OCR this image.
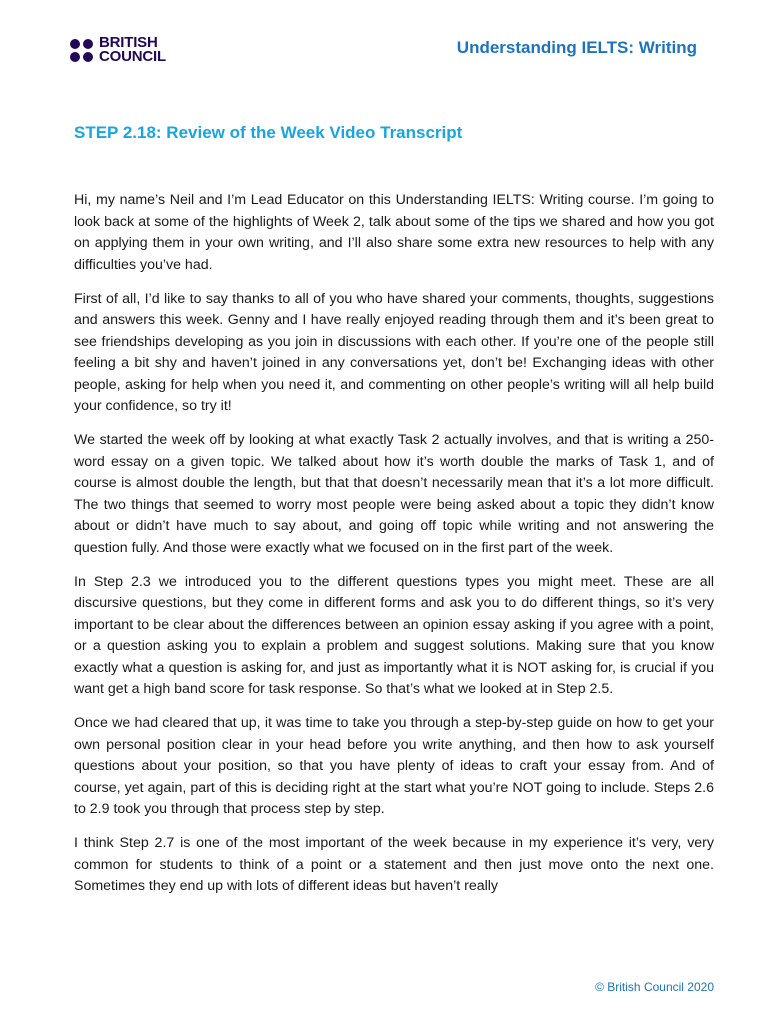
BRITISH
COUNCIL	Understanding IELTS: Writing
STEP 2.18: Review of the Week Video Transcript

Hi, my name’s Neil and I’m Lead Educator on this Understanding IELTS: Writing course. I’m going to look back at some of the highlights of Week 2, talk about some of the tips we shared and how you got on applying them in your own writing, and I’ll also share some extra new resources to help with any difficulties you’ve had.

First of all, I’d like to say thanks to all of you who have shared your comments, thoughts, suggestions and answers this week. Genny and I have really enjoyed reading through them and it’s been great to see friendships developing as you join in discussions with each other. If you’re one of the people still feeling a bit shy and haven’t joined in any conversations yet, don’t be! Exchanging ideas with other people, asking for help when you need it, and commenting on other people’s writing will all help build your confidence, so try it!

We started the week off by looking at what exactly Task 2 actually involves, and that is writing a 250-word essay on a given topic. We talked about how it’s worth double the marks of Task 1, and of course is almost double the length, but that that doesn’t necessarily mean that it’s a lot more difficult. The two things that seemed to worry most people were being asked about a topic they didn’t know about or didn’t have much to say about, and going off topic while writing and not answering the question fully. And those were exactly what we focused on in the first part of the week.

In Step 2.3 we introduced you to the different questions types you might meet. These are all discursive questions, but they come in different forms and ask you to do different things, so it’s very important to be clear about the differences between an opinion essay asking if you agree with a point, or a question asking you to explain a problem and suggest solutions. Making sure that you know exactly what a question is asking for, and just as importantly what it is NOT asking for, is crucial if you want get a high band score for task response. So that’s what we looked at in Step 2.5.

Once we had cleared that up, it was time to take you through a step-by-step guide on how to get your own personal position clear in your head before you write anything, and then how to ask yourself questions about your position, so that you have plenty of ideas to craft your essay from. And of course, yet again, part of this is deciding right at the start what you’re NOT going to include. Steps 2.6 to 2.9 took you through that process step by step.

I think Step 2.7 is one of the most important of the week because in my experience it’s very, very common for students to think of a point or a statement and then just move onto the next one. Sometimes they end up with lots of different ideas but haven’t really

© British Council 2020
